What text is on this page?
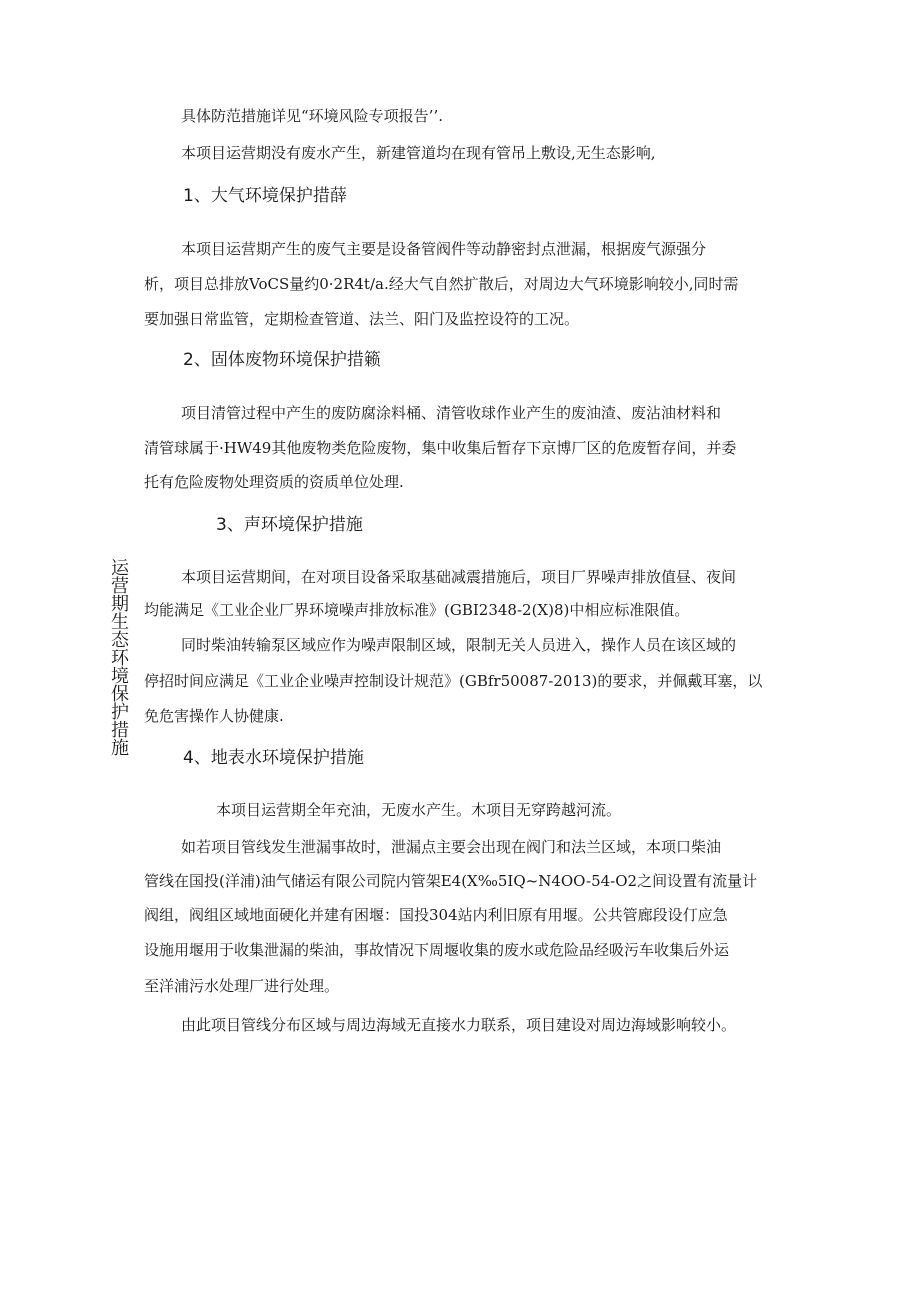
具体防范措施详见“环境风险专项报告’’.
本项目运营期没有废水产生，新建管道均在现有管吊上敷设,无生态影响,
1、大气环境保护措薛
本项目运营期产生的废气主要是设备管阀件等动静密封点泄漏，根据废气源强分
析，项目总排放VoCS量约0·2R4t∕a.经大气自然扩散后，对周边大气环境影响较小,同时需
要加强日常监管，定期检查管道、法兰、阳门及监控设符的工况。
2、固体废物环境保护措籁
项目清管过程中产生的废防腐涂料桶、清管收球作业产生的废油渣、废沾油材料和
清管球属于·HW49其他废物类危险废物，集中收集后暂存下京博厂区的危废暂存间，并委
托有危险废物处理资质的资质单位处理.
3、声环境保护措施
本项目运营期间，在对项目设备采取基础减震措施后，项目厂界噪声排放值昼、夜间
均能满足《工业企业厂界环境噪声排放标准》(GBI2348-2(X)8)中相应标准限值。
同时柴油转输泵区域应作为噪声限制区域，限制无关人员进入，操作人员在该区域的
停招时间应满足《工业企业噪声控制设计规范》(GBfr50087-2013)的要求，并佩戴耳塞，以
免危害操作人协健康.
4、地表水环境保护措施
本项目运营期全年充油，无废水产生。木项目无穿跨越河流。
如若项目管线发生泄漏事故时，泄漏点主要会出现在阀门和法兰区域，本项口柴油
管线在国投(洋浦)油气储运有限公司院内管架E4(X‰5IQ~N4OO-54-O2之间设置有流量计
阀组，阀组区域地面硬化并建有困堰：国投304站内利旧原有用堰。公共管廊段设仃应急
设施用堰用于收集泄漏的柴油，事故情况下周堰收集的废水或危险品经吸污车收集后外运
至洋浦污水处理厂进行处理。
由此项目管线分布区域与周边海域无直接水力联系，项目建设对周边海域影响较小。
运营期生态环境保护措施
